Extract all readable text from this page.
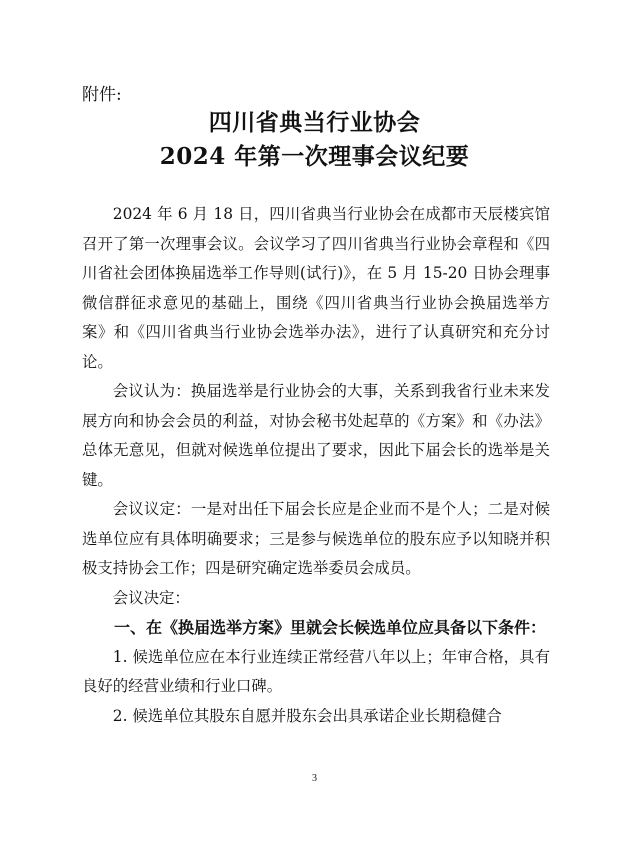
附件:
四川省典当行业协会
2024 年第一次理事会议纪要

2024 年 6 月 18 日，四川省典当行业协会在成都市天辰楼宾馆召开了第一次理事会议。会议学习了四川省典当行业协会章程和《四川省社会团体换届选举工作导则(试行)》，在 5 月 15-20 日协会理事微信群征求意见的基础上，围绕《四川省典当行业协会换届选举方案》和《四川省典当行业协会选举办法》，进行了认真研究和充分讨论。

会议认为：换届选举是行业协会的大事，关系到我省行业未来发展方向和协会会员的利益，对协会秘书处起草的《方案》和《办法》总体无意见，但就对候选单位提出了要求，因此下届会长的选举是关键。

会议议定：一是对出任下届会长应是企业而不是个人；二是对候选单位应有具体明确要求；三是参与候选单位的股东应予以知晓并积极支持协会工作；四是研究确定选举委员会成员。

会议决定：

一、在《换届选举方案》里就会长候选单位应具备以下条件：

1. 候选单位应在本行业连续正常经营八年以上；年审合格，具有良好的经营业绩和行业口碑。

2. 候选单位其股东自愿并股东会出具承诺企业长期稳健合

3
